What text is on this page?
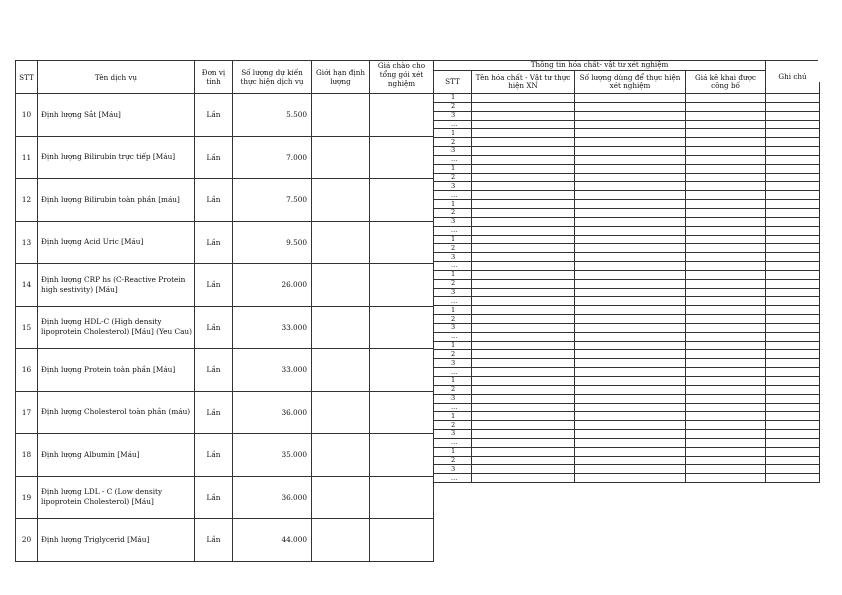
STT	Tên dịch vụ	Đơn vị tính	Số lượng dự kiến thực hiện dịch vụ	Giới hạn định lượng	Giá chào cho tổng gói xét nghiệm
10	Định lượng Sắt [Máu]	Lần	5.500		
11	Định lượng Bilirubin trực tiếp [Máu]	Lần	7.000		
12	Định lượng Bilirubin toàn phần [máu]	Lần	7.500		
13	Định lượng Acid Uric [Máu]	Lần	9.500		
14	Định lượng CRP hs (C-Reactive Protein high sestivity) [Máu]	Lần	26.000		
15	Định lượng HDL-C (High density lipoprotein Cholesterol) [Máu] (Yeu Cau)	Lần	33.000		
16	Định lượng Protein toàn phần [Máu]	Lần	33.000		
17	Định lượng Cholesterol toàn phần (máu)	Lần	36.000		
18	Định lượng Albumin [Máu]	Lần	35.000		
19	Định lượng LDL - C (Low density lipoprotein Cholesterol) [Máu]	Lần	36.000		
20	Định lượng Triglycerid [Máu]	Lần	44.000		
Thông tin hóa chất- vật tư xét nghiệm				Ghi chú

STT	Tên hóa chất - Vật tư thực hiện XN	Số lượng dùng để thực hiện xét nghiệm	Giá kê khai được công bố	
1				
2				
3				
...				
1				
2				
3				
...				
1				
2				
3				
...				
1				
2				
3				
...				
1				
2				
3				
...				
1				
2				
3				
...				
1				
2				
3				
...				
1				
2				
3				
...				
1				
2				
3				
...				
1				
2				
3				
...				
1				
2				
3				
...				
